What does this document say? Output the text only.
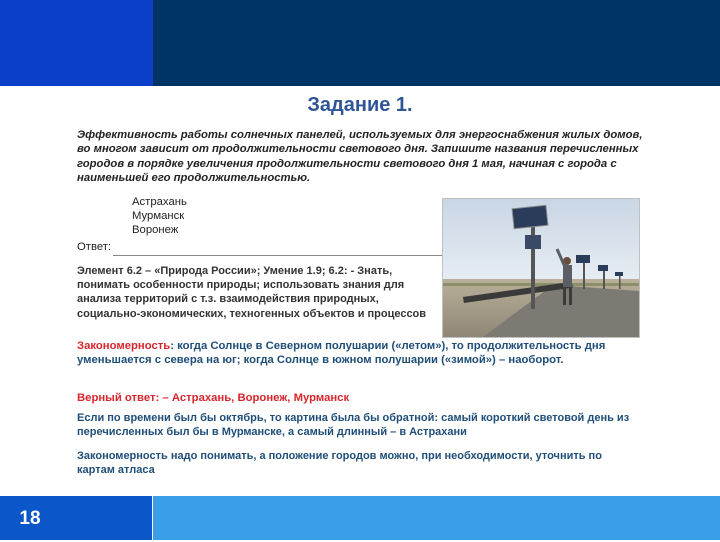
Задание 1.
Эффективность работы солнечных панелей, используемых для энергоснабжения жилых домов, во многом зависит от продолжительности светового дня. Запишите названия перечисленных городов в порядке увеличения продолжительности светового дня 1 мая, начиная с города с наименьшей его продолжительностью.
Астрахань
Мурманск
Воронеж
Ответ:
Элемент 6.2 – «Природа России»; Умение 1.9; 6.2: - Знать, понимать особенности природы; использовать знания для анализа территорий с т.з. взаимодействия природных, социально-экономических, техногенных объектов и процессов
Закономерность: когда Солнце в Северном полушарии («летом»), то продолжительность дня уменьшается с севера на юг; когда Солнце в южном полушарии («зимой») – наоборот.
Верный ответ: – Астрахань, Воронеж, Мурманск
Если по времени был бы октябрь, то картина была бы обратной: самый короткий световой день из перечисленных был бы в Мурманске, а самый длинный – в Астрахани
Закономерность надо понимать, а положение городов можно, при необходимости, уточнить по картам атласа
18
